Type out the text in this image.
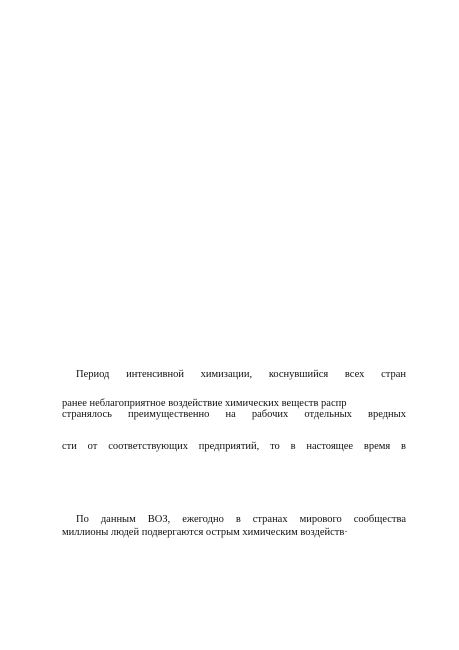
Период интенсивной химизации, коснувшийся всех стран
ранее неблагоприятное воздействие химических веществ распр
странялось преимущественно на рабочих отдельных вредных
сти от соответствующих предприятий, то в настоящее время в
По данным ВОЗ, ежегодно в странах мирового сообщества
миллионы людей подвергаются острым химическим воздейств·
